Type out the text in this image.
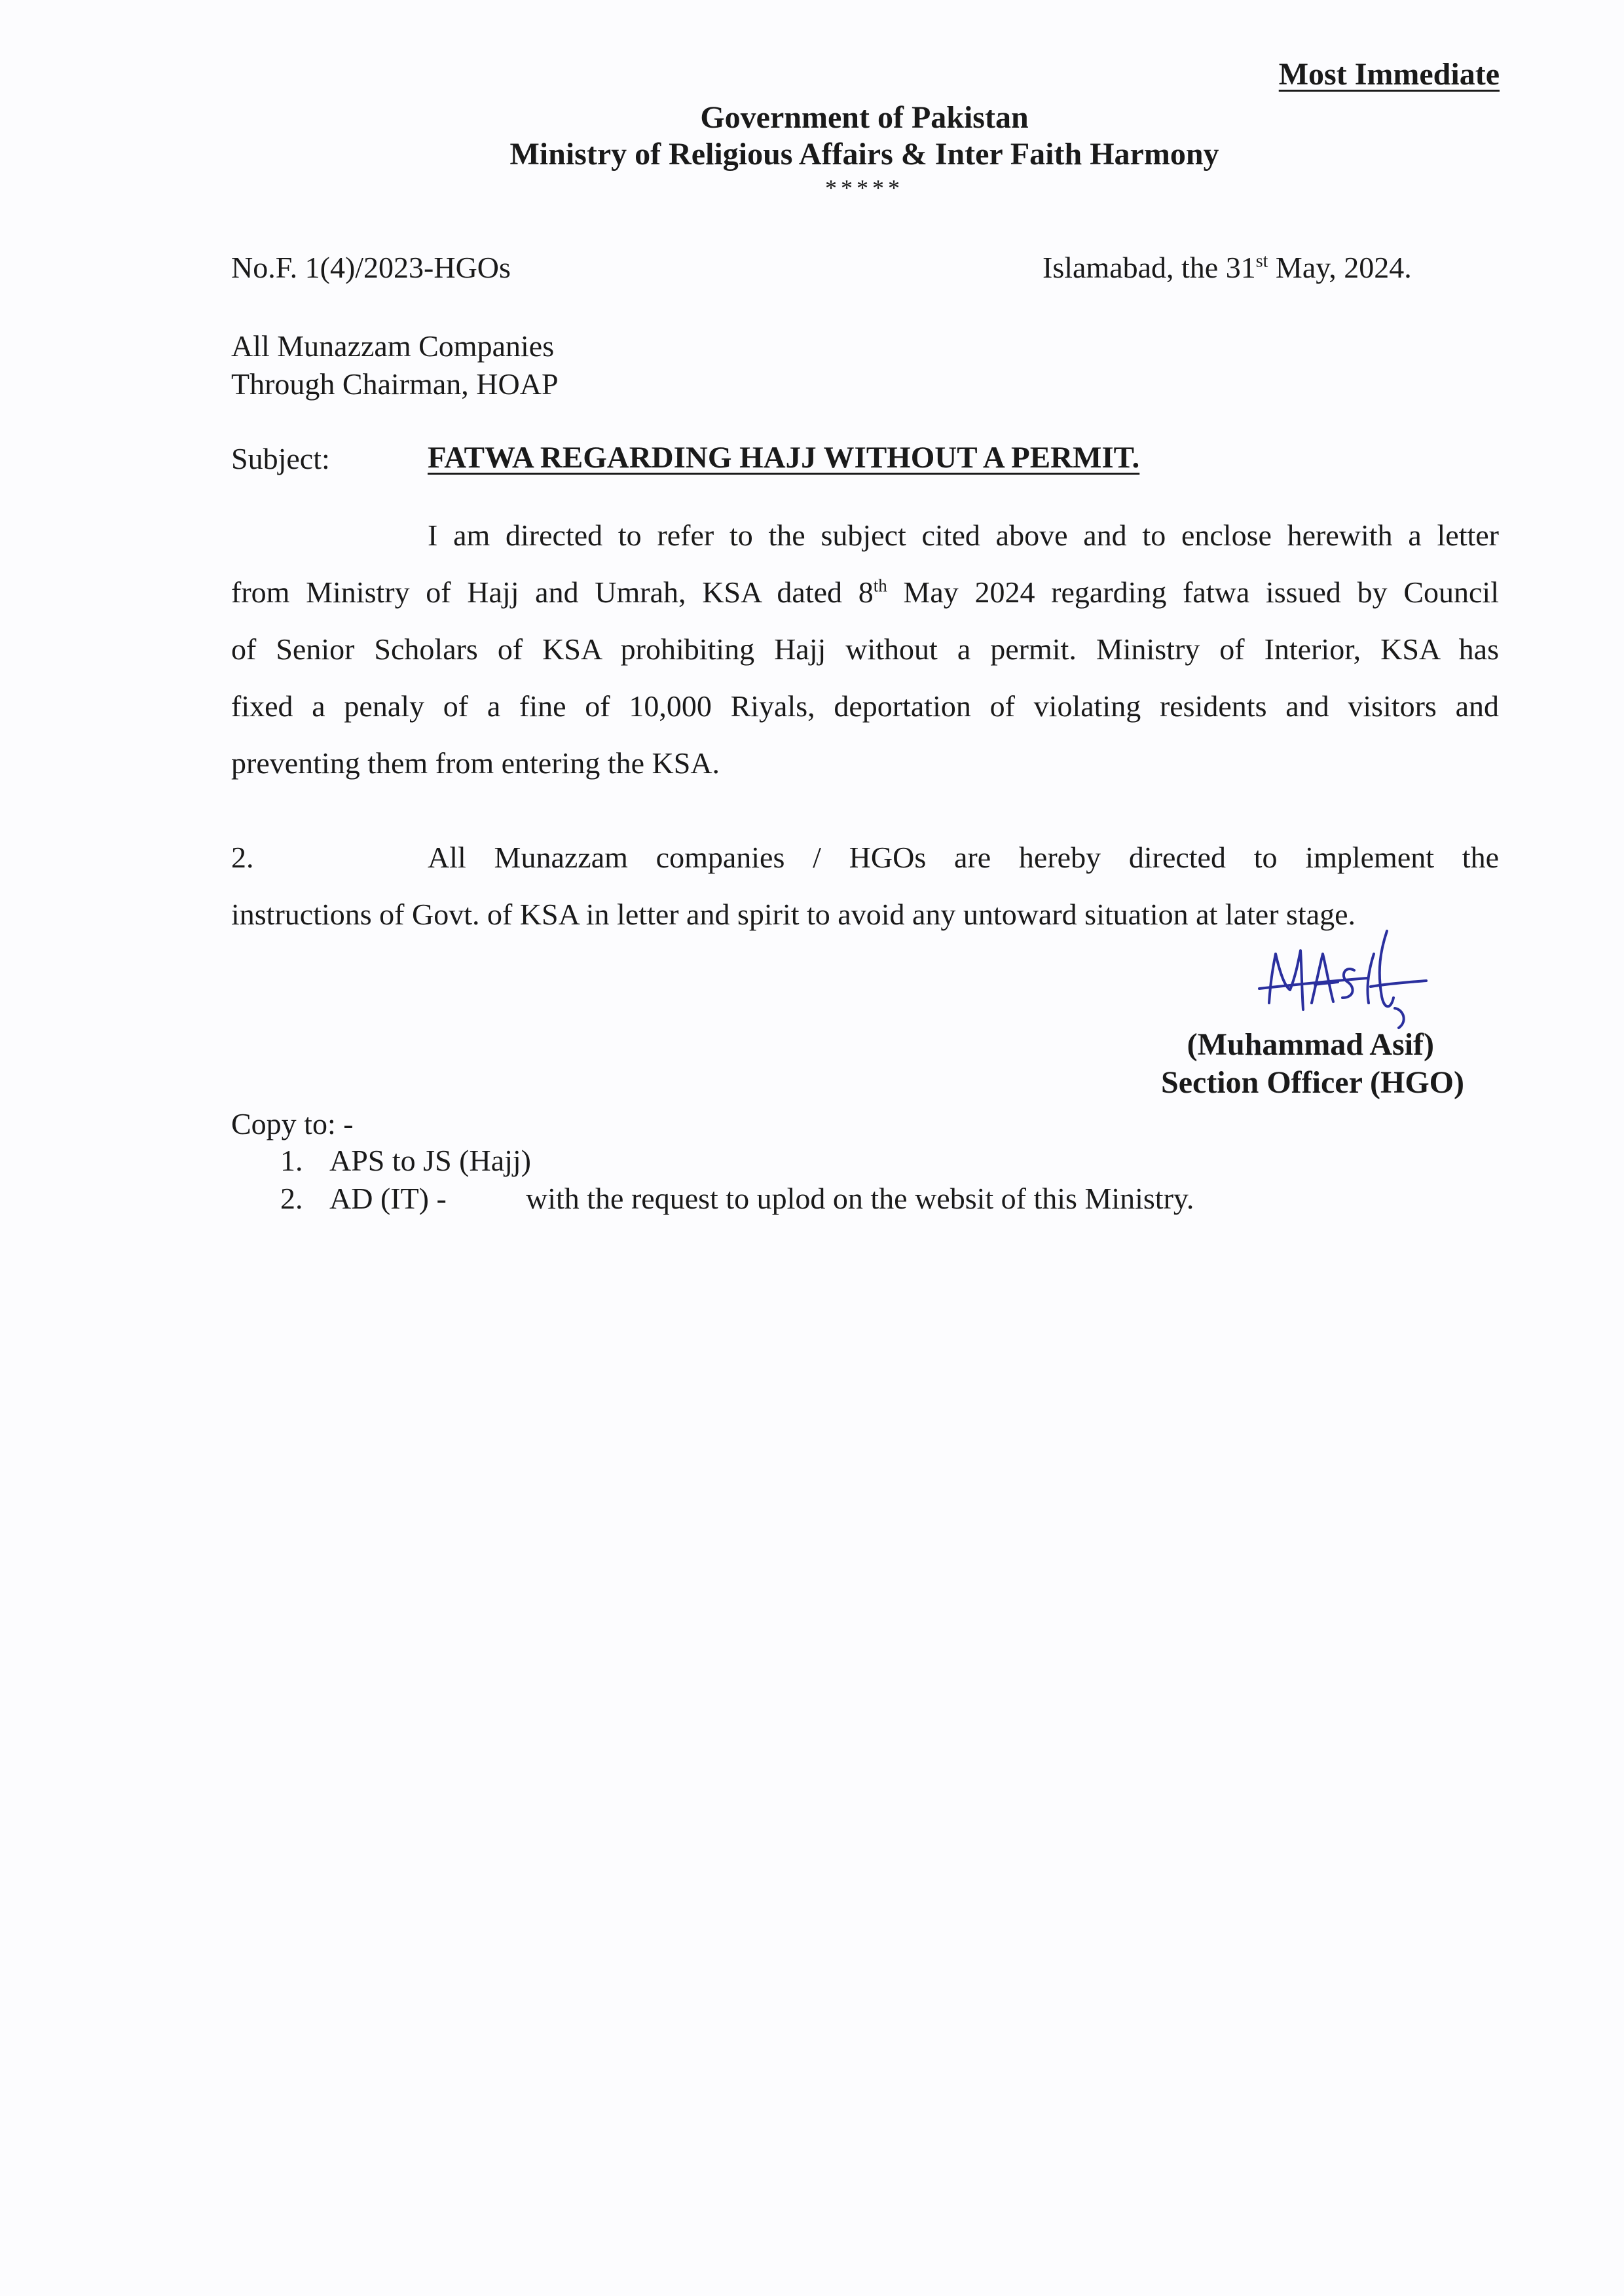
Most Immediate
Government of Pakistan
Ministry of Religious Affairs & Inter Faith Harmony
*****
No.F. 1(4)/2023-HGOs	Islamabad, the 31st May, 2024.
All Munazzam Companies
Through Chairman, HOAP
Subject:	FATWA REGARDING HAJJ WITHOUT A PERMIT.
I am directed to refer to the subject cited above and to enclose herewith a letter
from Ministry of Hajj and Umrah, KSA dated 8th May 2024 regarding fatwa issued by Council
of Senior Scholars of KSA prohibiting Hajj without a permit. Ministry of Interior, KSA has
fixed a penaly of a fine of 10,000 Riyals, deportation of violating residents and visitors and
preventing them from entering the KSA.
2.	All Munazzam companies / HGOs are hereby directed to implement the
instructions of Govt. of KSA in letter and spirit to avoid any untoward situation at later stage.
(Muhammad Asif)
Section Officer (HGO)
Copy to: -
1. APS to JS (Hajj)
2. AD (IT) -	with the request to uplod on the websit of this Ministry.
